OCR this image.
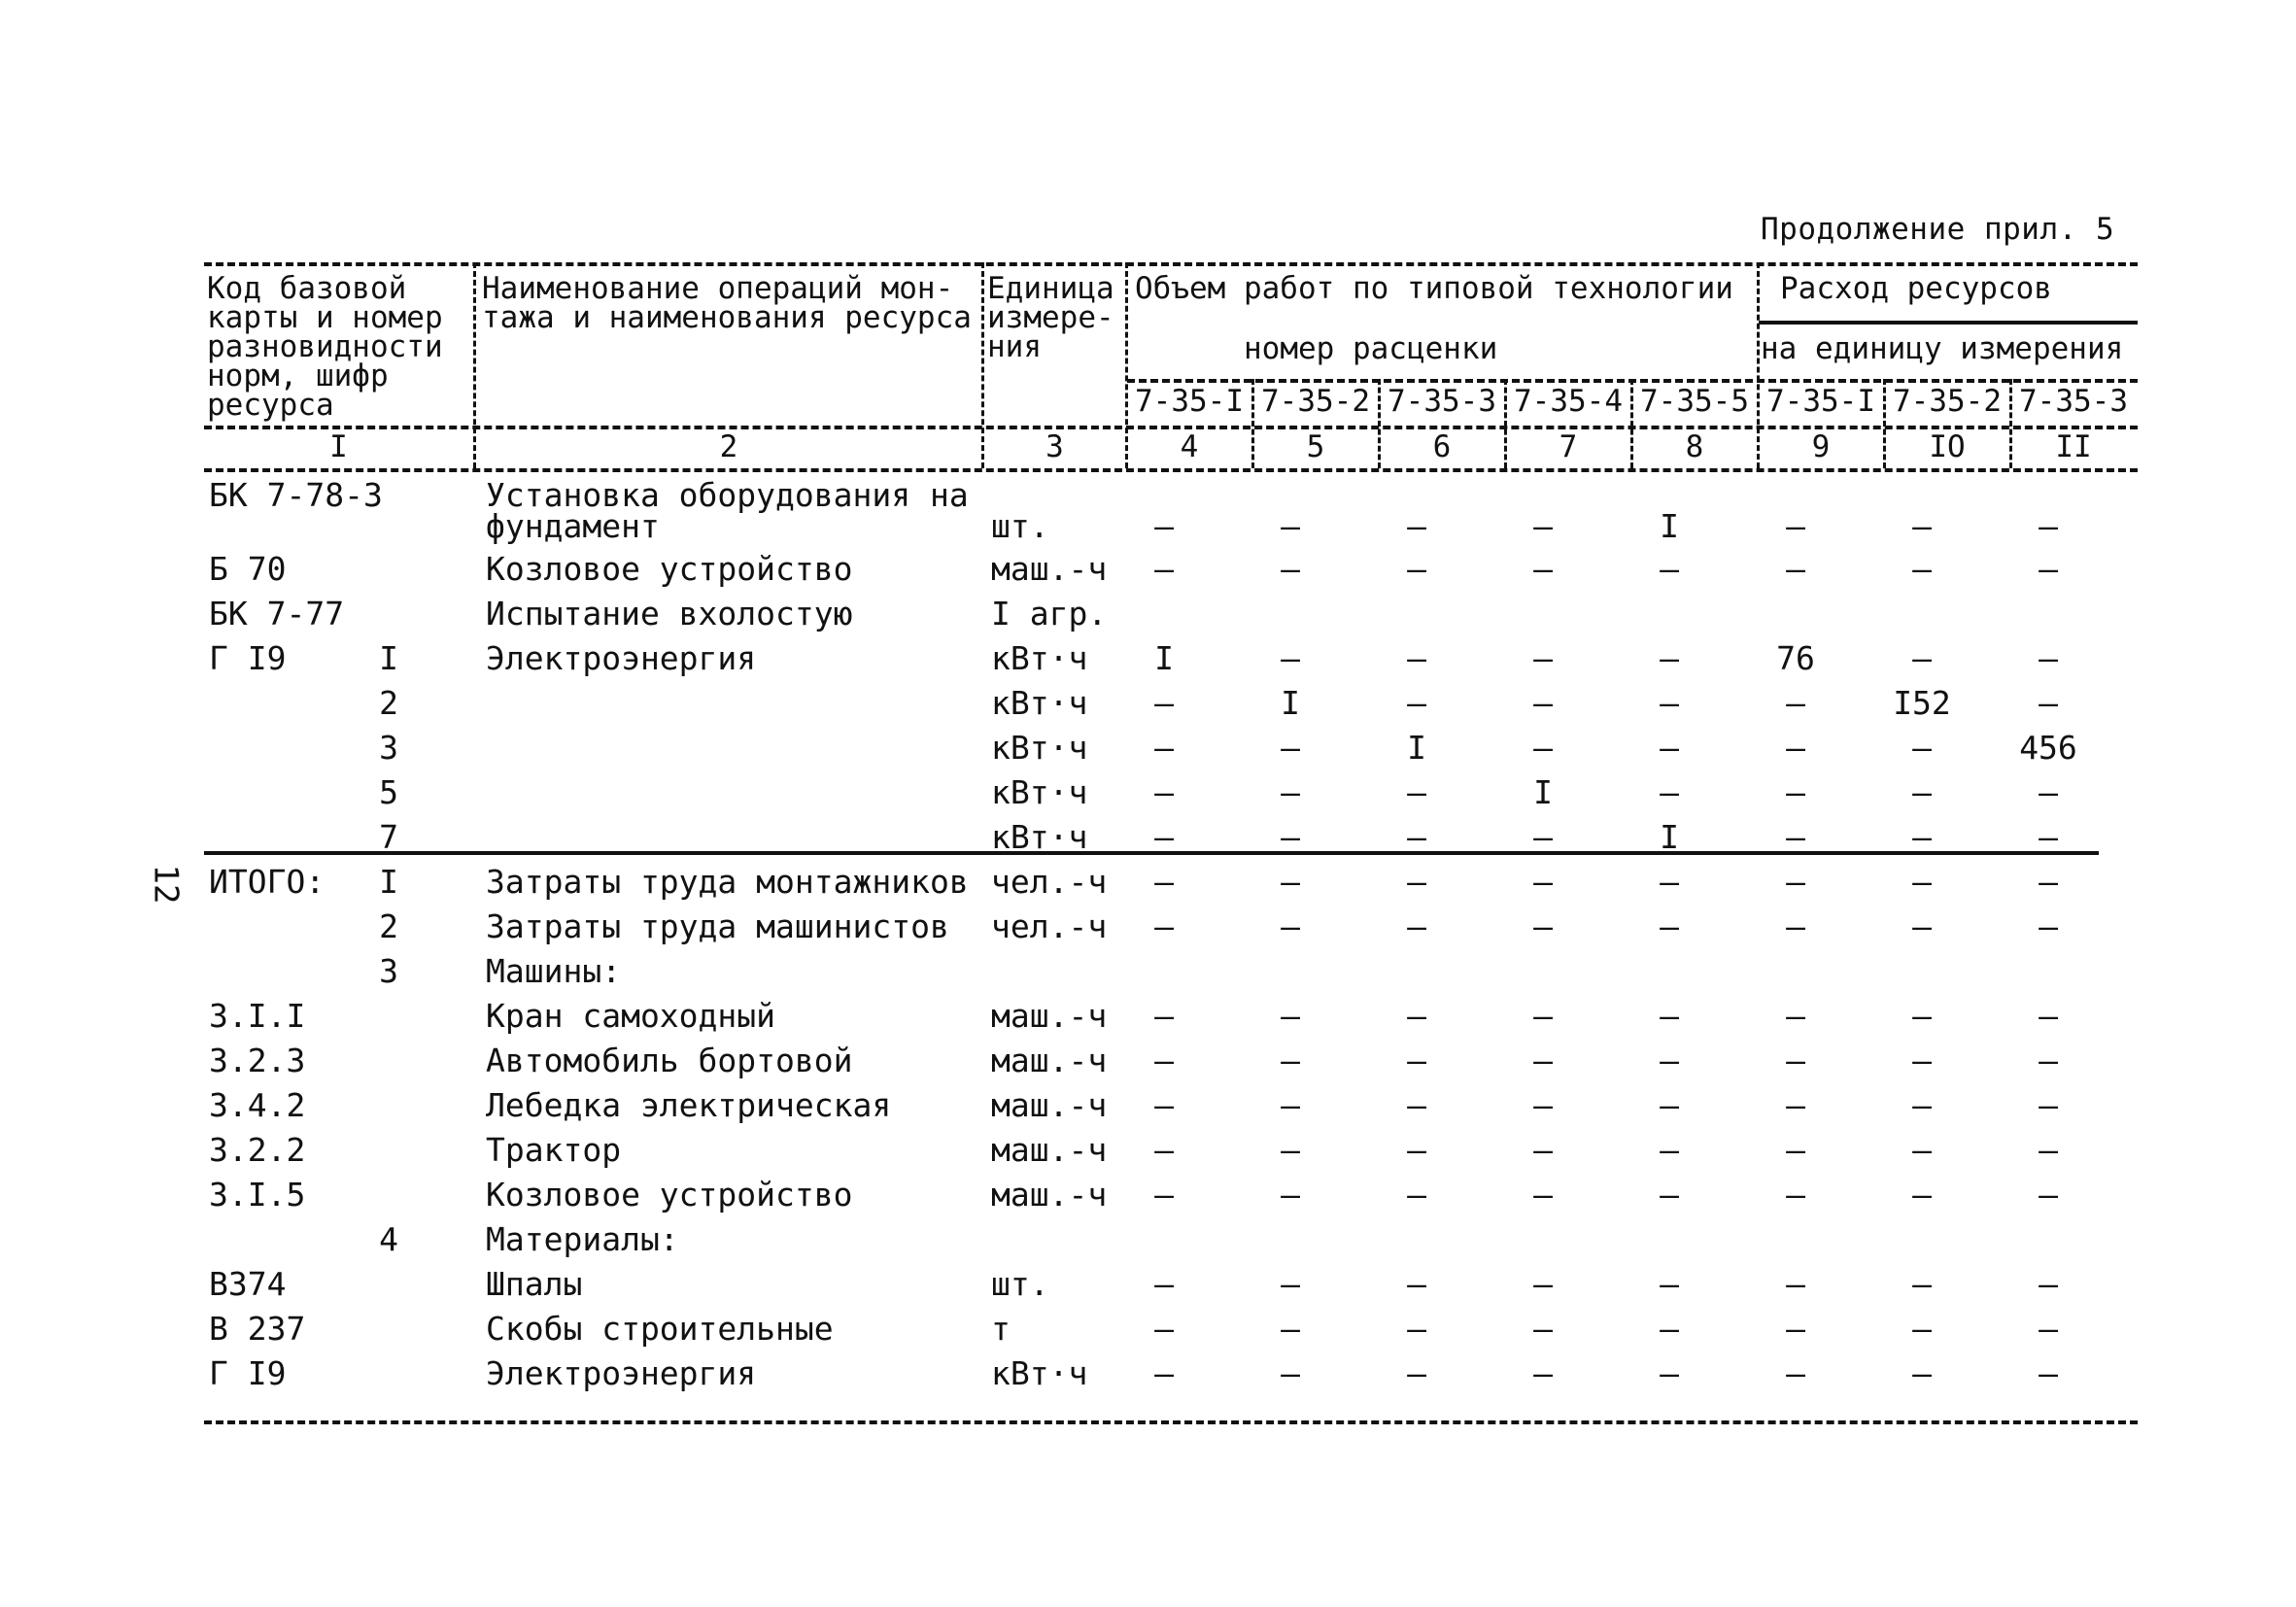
Продолжение прил. 5
12
Код базовой
карты и номер
разновидности
норм, шифр
ресурса
Наименование операций мон-
тажа и наименования ресурса
Единица
измере-
ния
Объем работ по типовой технологии
номер расценки
Расход ресурсов
на единицу измерения
7-35-I 7-35-2 7-35-3 7-35-4 7-35-5 7-35-I 7-35-2 7-35-3
I	2	3	4	5	6	7	8	9	IO	II
БК 7-78-3	Установка оборудования на
фундамент	шт.	–	–	–	–	I	–	–	–
Б 70	Козловое устройство	маш.-ч	–	–	–	–	–	–	–	–
БК 7-77	Испытание вхолостую	I агр.
Г I9	I	Электроэнергия	кВт·ч	I	–	–	–	–	76	–	–
2	кВт·ч	–	I	–	–	–	–	I52	–
3	кВт·ч	–	–	I	–	–	–	–	456
5	кВт·ч	–	–	–	I	–	–	–	–
7	кВт·ч	–	–	–	–	I	–	–	–
ИТОГО: I	Затраты труда монтажников чел.-ч	–	–	–	–	–	–	–	–
2	Затраты труда машинистов чел.-ч	–	–	–	–	–	–	–	–
3	Машины:
3.I.I	Кран самоходный	маш.-ч	–	–	–	–	–	–	–	–
3.2.3	Автомобиль бортовой	маш.-ч	–	–	–	–	–	–	–	–
3.4.2	Лебедка электрическая	маш.-ч	–	–	–	–	–	–	–	–
3.2.2	Трактор	маш.-ч	–	–	–	–	–	–	–	–
3.I.5	Козловое устройство	маш.-ч	–	–	–	–	–	–	–	–
4	Материалы:
В374	Шпалы	шт.	–	–	–	–	–	–	–	–
В 237	Скобы строительные	т	–	–	–	–	–	–	–	–
Г I9	Электроэнергия	кВт·ч	–	–	–	–	–	–	–	–
